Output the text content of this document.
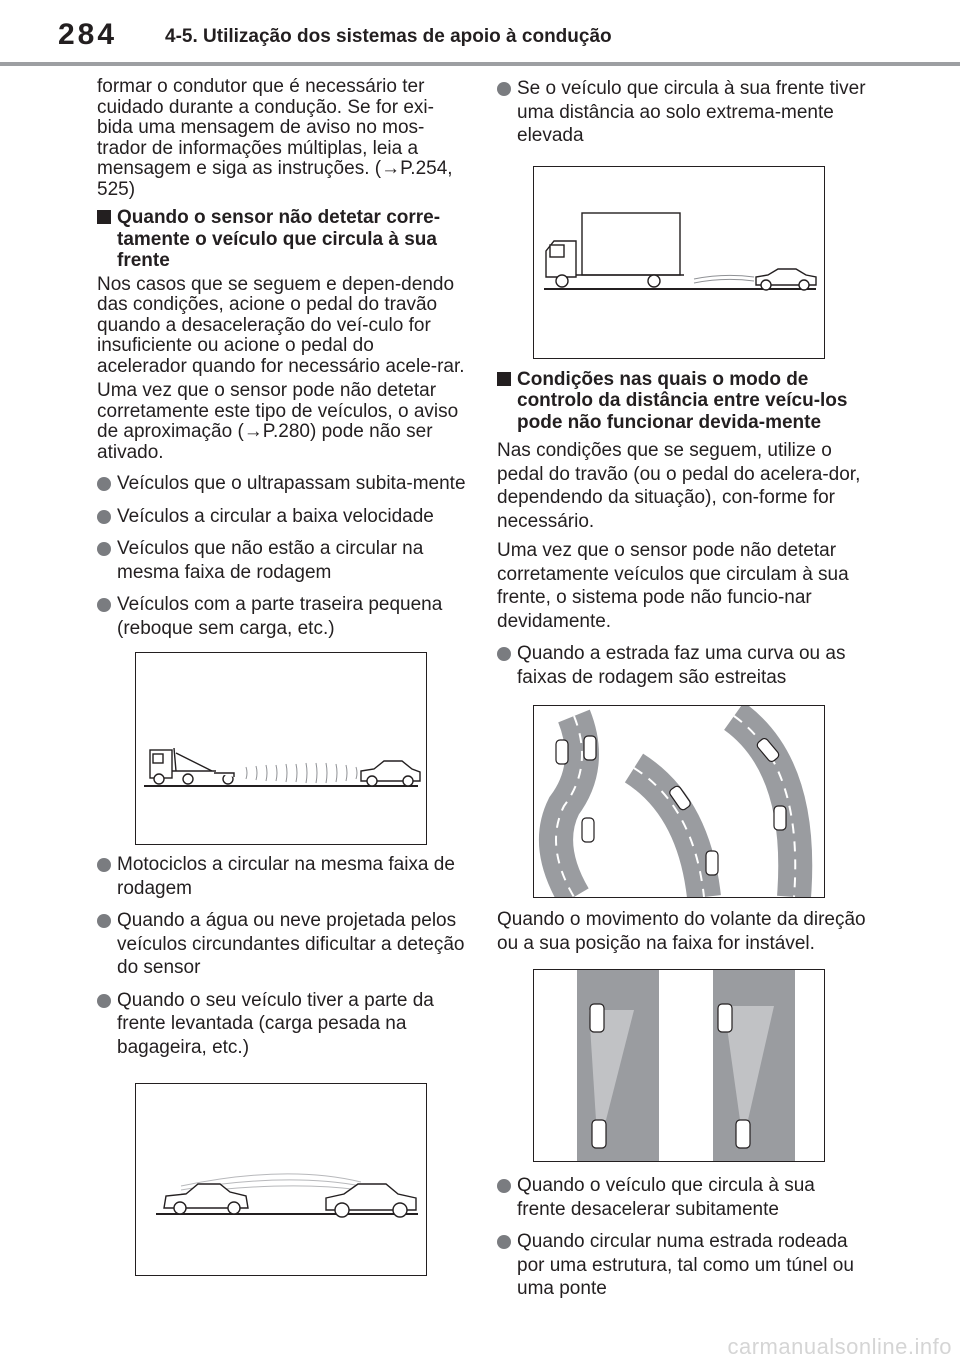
284	4-5. Utilização dos sistemas de apoio à condução

formar o condutor que é necessário ter cuidado durante a condução. Se for exi-bida uma mensagem de aviso no mos-trador de informações múltiplas, leia a mensagem e siga as instruções. (→P.254, 525)

Quando o sensor não detetar corre-tamente o veículo que circula à sua frente

Nos casos que se seguem e depen-dendo das condições, acione o pedal do travão quando a desaceleração do veí-culo for insuficiente ou acione o pedal do acelerador quando for necessário acele-rar.

Uma vez que o sensor pode não detetar corretamente este tipo de veículos, o aviso de aproximação (→P.280) pode não ser ativado.

Veículos que o ultrapassam subita-mente
Veículos a circular a baixa velocidade
Veículos que não estão a circular na mesma faixa de rodagem
Veículos com a parte traseira pequena (reboque sem carga, etc.)
Motociclos a circular na mesma faixa de rodagem
Quando a água ou neve projetada pelos veículos circundantes dificultar a deteção do sensor
Quando o seu veículo tiver a parte da frente levantada (carga pesada na bagageira, etc.)
Se o veículo que circula à sua frente tiver uma distância ao solo extrema-mente elevada
Condições nas quais o modo de controlo da distância entre veícu-los pode não funcionar devida-mente

Nas condições que se seguem, utilize o pedal do travão (ou o pedal do acelera-dor, dependendo da situação), con-forme for necessário.

Uma vez que o sensor pode não detetar corretamente veículos que circulam à sua frente, o sistema pode não funcio-nar devidamente.

Quando a estrada faz uma curva ou as faixas de rodagem são estreitas

Quando o movimento do volante da direção ou a sua posição na faixa for instável.

Quando o veículo que circula à sua frente desacelerar subitamente
Quando circular numa estrada rodeada por uma estrutura, tal como um túnel ou uma ponte
carmanualsonline.info
